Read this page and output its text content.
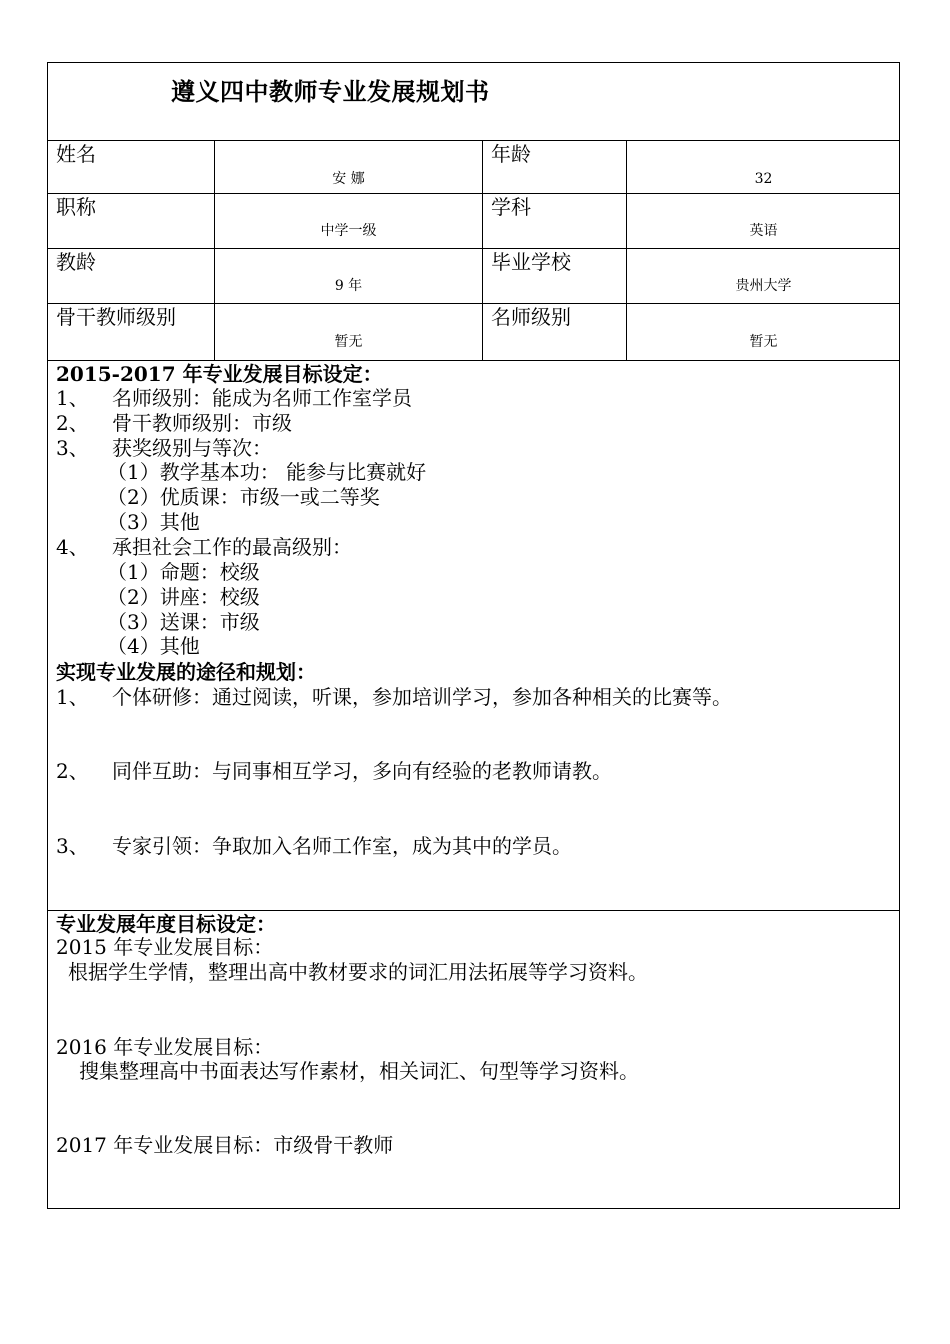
遵义四中教师专业发展规划书
姓名
安 娜
年龄
32
职称
中学一级
学科
英语
教龄
9 年
毕业学校
贵州大学
骨干教师级别
暂无
名师级别
暂无
2015-2017 年专业发展目标设定：
1、 名师级别：能成为名师工作室学员
2、 骨干教师级别：市级
3、 获奖级别与等次：
（1）教学基本功： 能参与比赛就好
（2）优质课：市级一或二等奖
（3）其他
4、 承担社会工作的最高级别：
（1）命题：校级
（2）讲座：校级
（3）送课：市级
（4）其他
实现专业发展的途径和规划：
1、 个体研修：通过阅读，听课，参加培训学习，参加各种相关的比赛等。
2、 同伴互助：与同事相互学习，多向有经验的老教师请教。
3、 专家引领：争取加入名师工作室，成为其中的学员。
专业发展年度目标设定：
2015 年专业发展目标：
根据学生学情，整理出高中教材要求的词汇用法拓展等学习资料。
2016 年专业发展目标：
搜集整理高中书面表达写作素材，相关词汇、句型等学习资料。
2017 年专业发展目标：市级骨干教师
